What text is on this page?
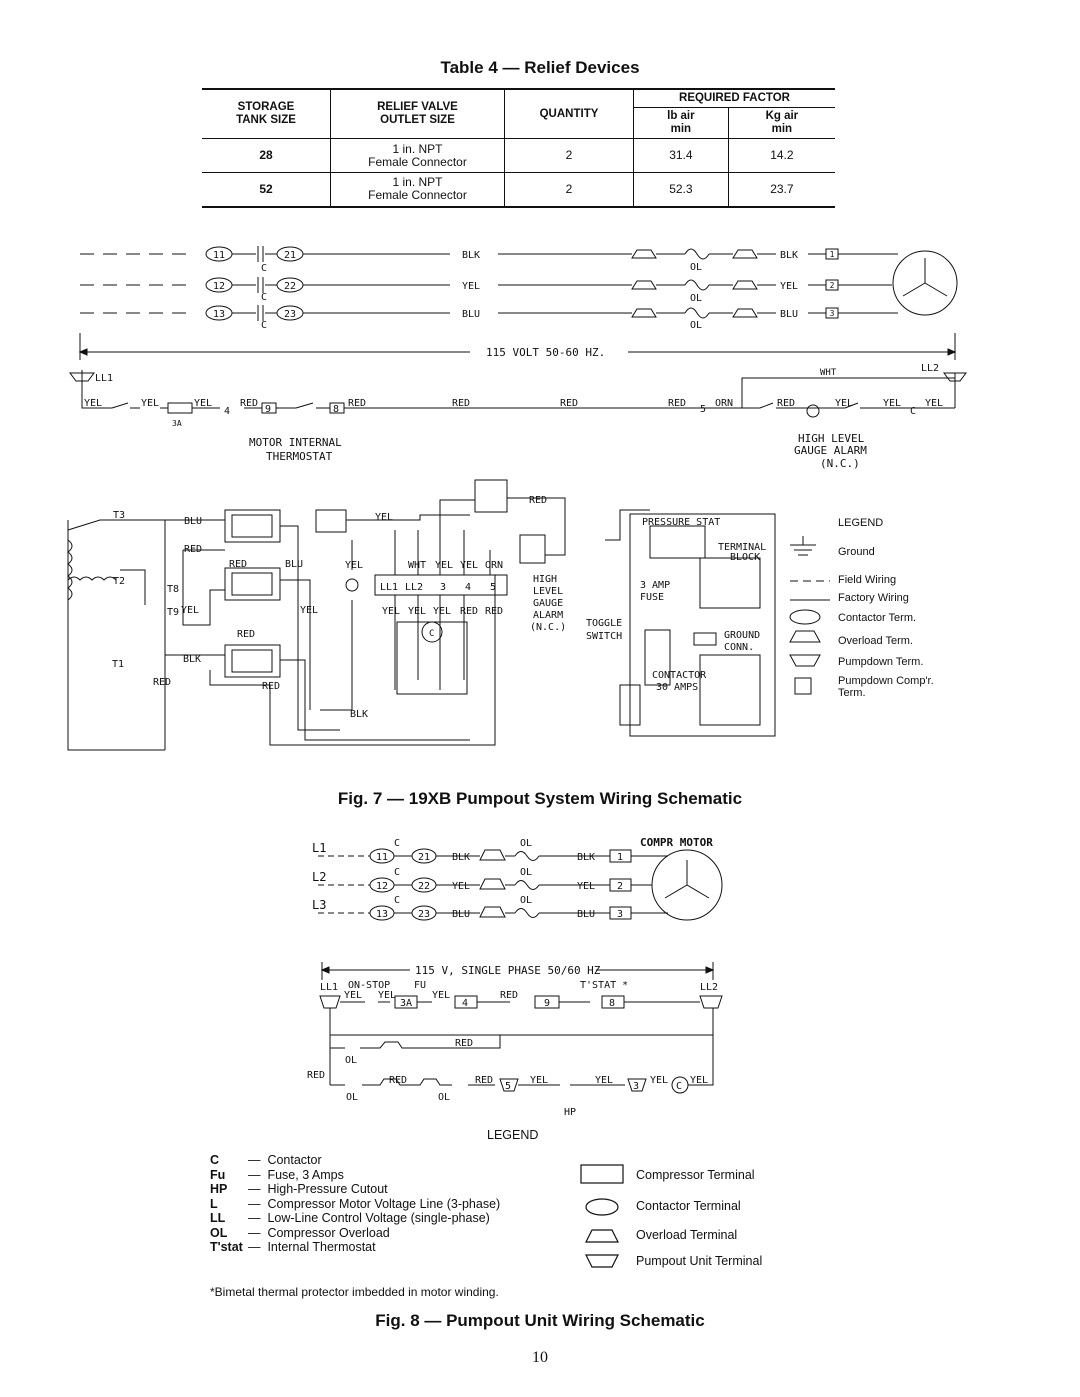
Table 4 — Relief Devices
STORAGE
TANK SIZE	RELIEF VALVE
OUTLET SIZE	QUANTITY	REQUIRED FACTOR	
			lb air
min	Kg air
min
28	1 in. NPT
Female Connector	2	31.4	14.2
52	1 in. NPT
Female Connector	2	52.3	23.7
11
12
13
21
22
23
C
C
C
BLK
YEL
BLU
BLK
YEL
BLU
OL
OL
OL
1
2
3
115 VOLT 50-60 HZ.
LL1
LL2
WHT
YEL	YEL	YEL
4
RED
9	8
RED	RED	RED	RED
5
ORN	RED	YEL	YEL
C
YEL
3A
MOTOR INTERNAL
THERMOSTAT
HIGH LEVEL
GAUGE ALARM
(N.C.)
T3
BLU
RED
RED	BLU
T2
T8
T9 YEL	YEL
RED
T1	BLK
RED	RED
BLK
YEL
YEL	WHT YEL YEL ORN
LL1 LL2 3 4 5
YEL YEL YEL RED RED
RED
C
HIGH
LEVEL
GAUGE
ALARM
(N.C.)
PRESSURE STAT
TERMINAL
BLOCK
3 AMP
FUSE
TOGGLE
SWITCH	GROUND
CONN.
CONTACTOR
30 AMPS
LEGEND
Ground
Field Wiring
Factory Wiring
Contactor Term.
Overload Term.
Pumpdown Term.
Pumpdown Comp'r.
Term.
Fig. 7 — 19XB Pumpout System Wiring Schematic
L1
L2
L3
11
12
13
21
22
23
C
C
C
OL
OL
OL
BLK
YEL
BLU
BLK
YEL
BLU
1
2
3
COMPR MOTOR
115 V, SINGLE PHASE 50/60 HZ
YEL YEL
3A
YEL
4
RED
9	8
LL1	LL2
ON-STOP FU	T'STAT *
OL
RED
RED
OL	OL
RED	RED
5
YEL	YEL
3
YEL
C
YEL
HP
LEGEND
C —  Contactor
Fu —  Fuse, 3 Amps
HP —  High-Pressure Cutout
L —  Compressor Motor Voltage Line (3-phase)
LL —  Low-Line Control Voltage (single-phase)
OL —  Compressor Overload
T'stat —  Internal Thermostat
Compressor Terminal
Contactor Terminal
Overload Terminal
Pumpout Unit Terminal
*Bimetal thermal protector imbedded in motor winding.
Fig. 8 — Pumpout Unit Wiring Schematic
10
